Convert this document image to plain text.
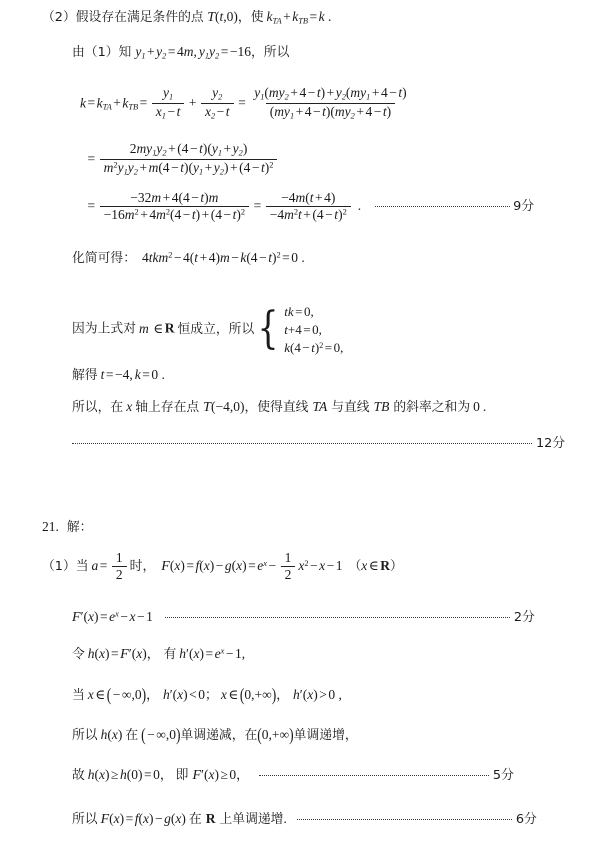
（2）假设存在满足条件的点 T(t,0)，使 $k_{TA} + k_{TB} = k$ .
由（1）知 $y_1 + y_2 = 4m$, $y_1y_2 = -16$，所以
$k = k_{TA} + k_{TB} = \frac{y_1}{x_1 - t} + \frac{y_2}{x_2 - t} = \frac{y_1(my_2 + 4 - t) + y_2(my_1 + 4 - t)}{(my_1 + 4 - t)(my_2 + 4 - t)}$
= $\frac{2my_1y_2 + (4 - t)(y_1 + y_2)}{m^2y_1y_2 + m(4 - t)(y_1 + y_2) + (4 - t)^2}$
= $\frac{-32m + 4(4 - t)m}{-16m^2 + 4m^2(4 - t) + (4 - t)^2} = \frac{-4m(t + 4)}{-4m^2t + (4 - t)^2}$ .	9分
化简可得： $4tkm^2 - 4(t + 4)m - k(4 - t)^2 = 0$ .
因为上式对 m ∈ R 恒成立，所以 { tk = 0,
t+4 = 0,
$k(4 - t)^2 = 0$,
解得 t = −4, k = 0 .
所以，在 x 轴上存在点 T(−4,0)，使得直线 TA 与直线 TB 的斜率之和为 0 .
12分
21. 解：
（1）当 $a = \frac{1}{2}$ 时， $F(x) = f(x) - g(x) = e^x - \frac{1}{2} x^2 - x - 1$ （x ∈ R）
$F'(x) = e^x - x - 1$	2分
令 h(x) = F′(x)， 有 $h'(x) = e^x - 1$,
当 x ∈ ( − ∞,0)， h′(x) < 0； x ∈ (0,+∞)， h′(x) > 0 ,
所以 h(x) 在 ( − ∞,0)单调递减，在(0,+∞)单调递增，
故 h(x) ≥ h(0) = 0， 即 F′(x) ≥ 0，	5分
所以 F(x) = f(x) − g(x) 在 R 上单调递增.	6分
